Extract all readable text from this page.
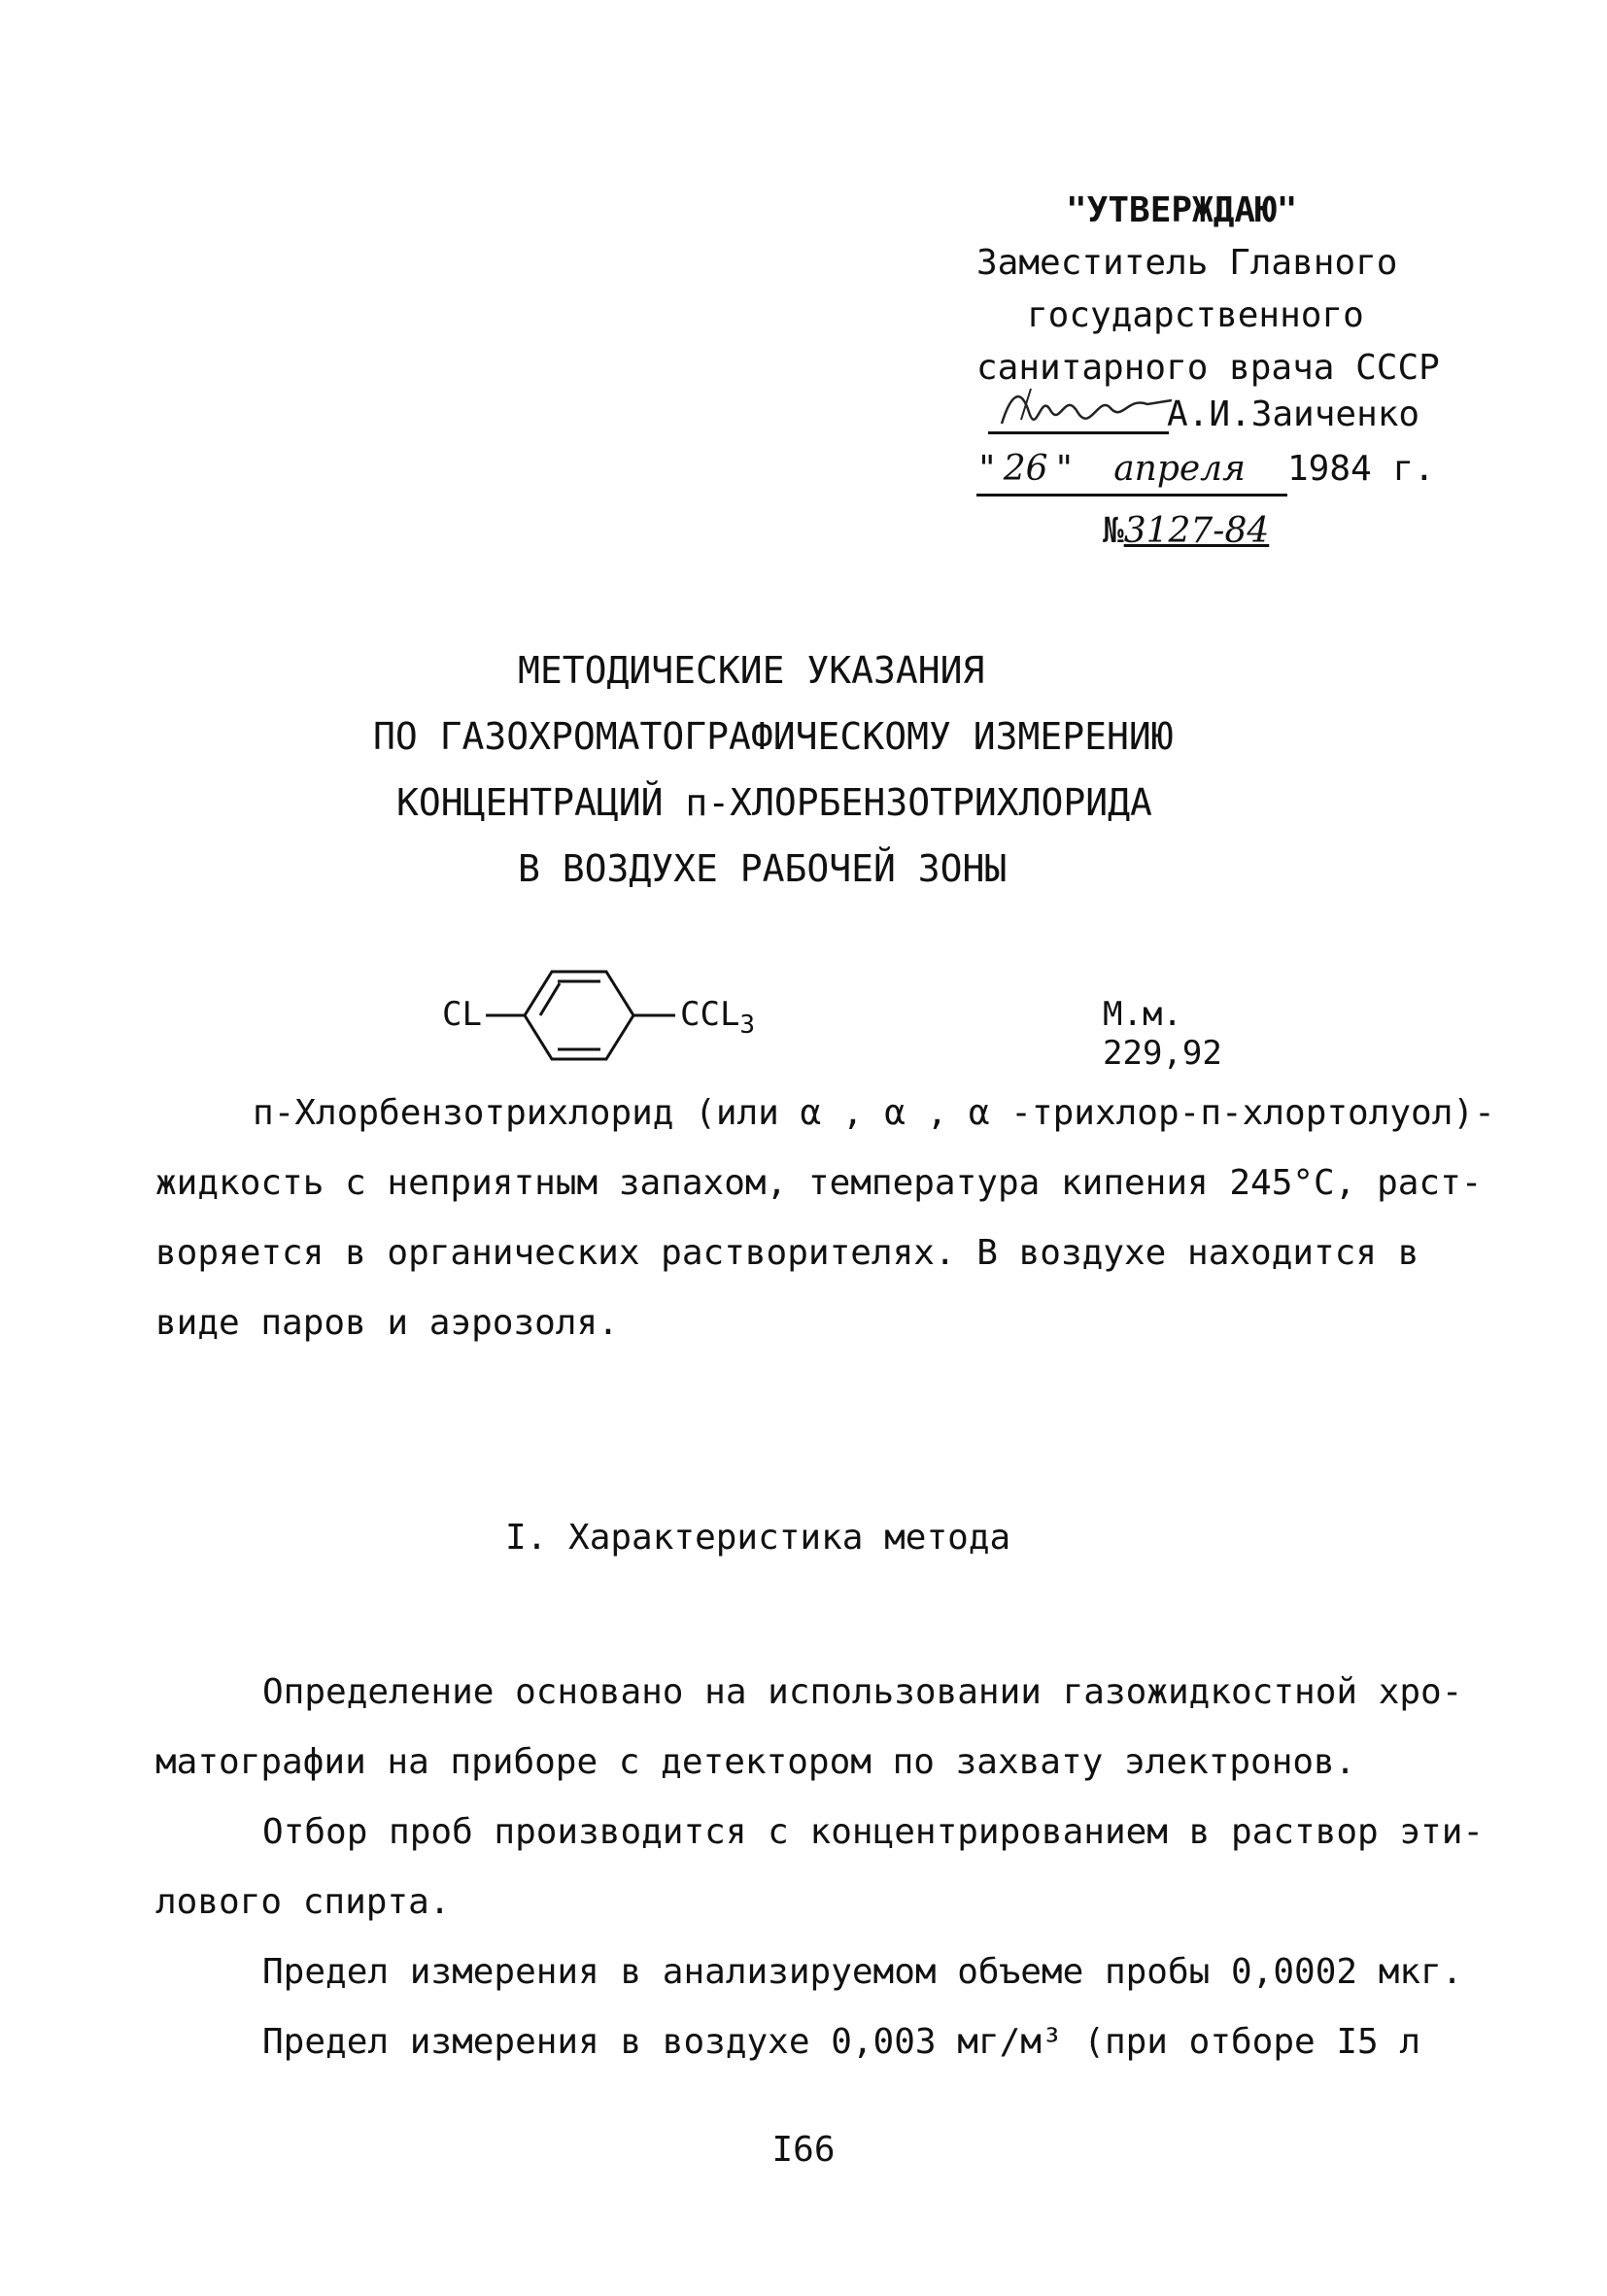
"УТВЕРЖДАЮ"
Заместитель Главного
государственного
санитарного врача СССР
А.И.Заиченко
" 26 " апреля 1984 г.
№3127-84
МЕТОДИЧЕСКИЕ УКАЗАНИЯ
ПО ГАЗОХРОМАТОГРАФИЧЕСКОМУ ИЗМЕРЕНИЮ
КОНЦЕНТРАЦИЙ п-ХЛОРБЕНЗОТРИХЛОРИДА
В ВОЗДУХЕ РАБОЧЕЙ ЗОНЫ
CL	$CCL_3$	М.м. 229,92
п-Хлорбензотрихлорид (или α , α , α -трихлор-п-хлортолуол)-
жидкость с неприятным запахом, температура кипения 245°С, раст-
воряется в органических растворителях. В воздухе находится в
виде паров и аэрозоля.
I. Характеристика метода
Определение основано на использовании газожидкостной хро-
матографии на приборе с детектором по захвату электронов.
Отбор проб производится с концентрированием в раствор эти-
лового спирта.
Предел измерения в анализируемом объеме пробы 0,0002 мкг.
Предел измерения в воздухе 0,003 мг/м³ (при отборе I5 л
I66
